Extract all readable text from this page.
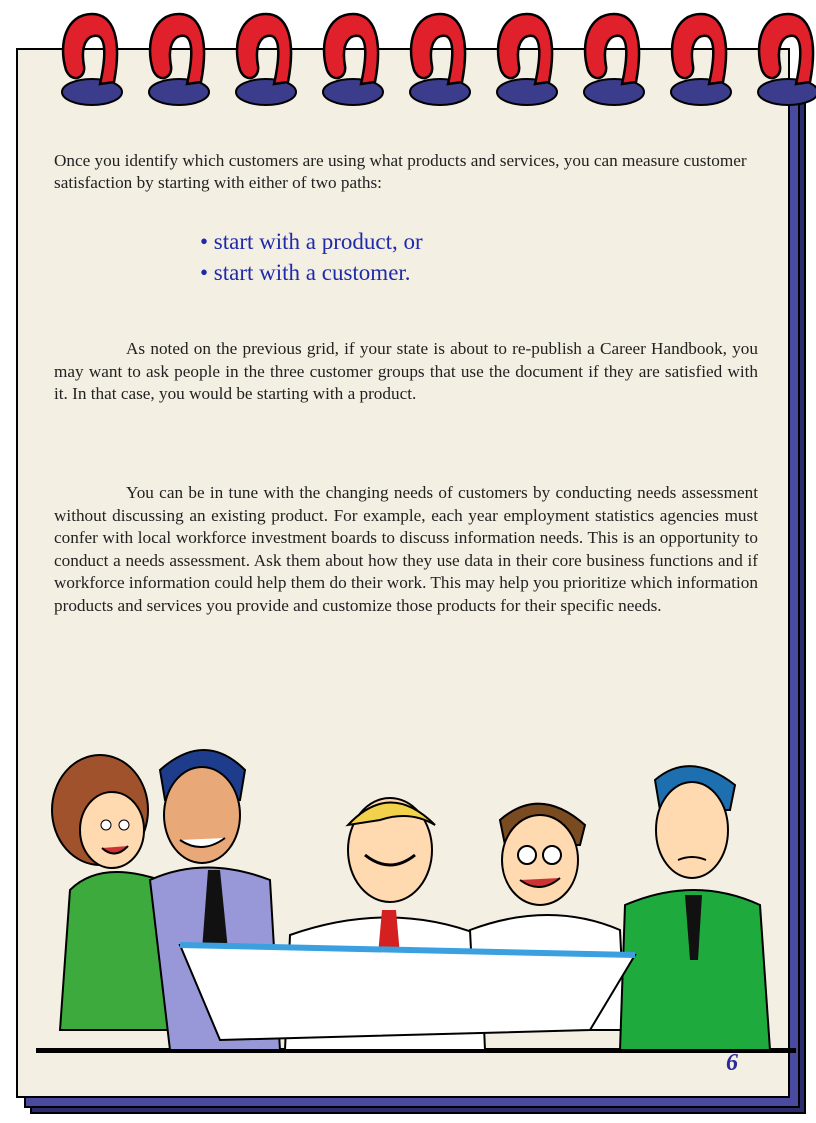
Once you identify which customers are using what products and services, you can measure customer satisfaction by starting with either of two paths:
• start with a product, or
• start with a customer.
As noted on the previous grid, if your state is about to re-publish a Career Handbook, you may want to ask people in the three customer groups that use the document if they are satisfied with it. In that case, you would be starting with a product.
You can be in tune with the changing needs of customers by conducting needs assessment without discussing an existing product. For example, each year employment statistics agencies must confer with local workforce investment boards to discuss information needs. This is an opportunity to conduct a needs assessment. Ask them about how they use data in their core business functions and if workforce information could help them do their work. This may help you prioritize which information products and services you provide and customize those products for their specific needs.
6
